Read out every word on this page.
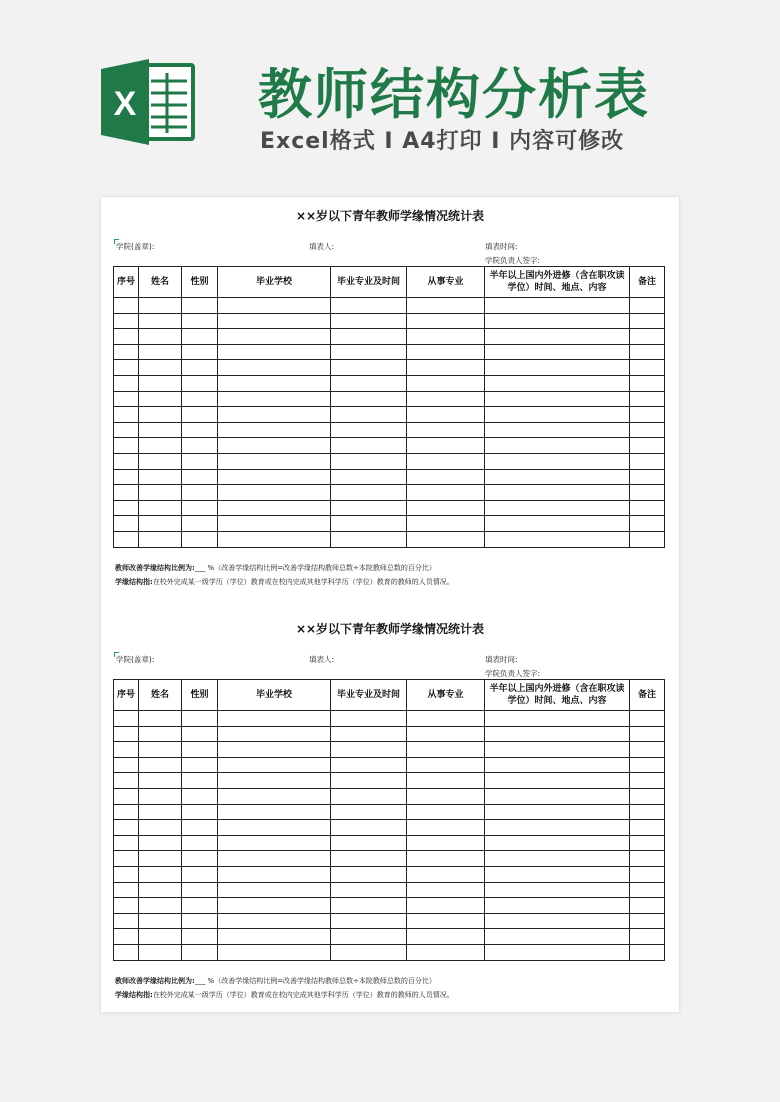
X 教师结构分析表
Excel格式 I A4打印 I 内容可修改
××岁以下青年教师学缘情况统计表
学院(盖章):	填表人:	填表时间:
学院负责人签字:
序号	姓名	性别	毕业学校	毕业专业及时间	从事专业	半年以上国内外进修（含在职攻读学位）时间、地点、内容	备注

教师改善学缘结构比例为:___ %（改善学缘结构比例=改善学缘结构教师总数÷本院教师总数的百分比）
学缘结构指:在校外完成某一级学历（学位）教育或在校内完成其他学科学历（学位）教育的教师的人员情况。
××岁以下青年教师学缘情况统计表
学院(盖章):	填表人:	填表时间:
学院负责人签字:
序号	姓名	性别	毕业学校	毕业专业及时间	从事专业	半年以上国内外进修（含在职攻读学位）时间、地点、内容	备注

教师改善学缘结构比例为:___ %（改善学缘结构比例=改善学缘结构教师总数÷本院教师总数的百分比）
学缘结构指:在校外完成某一级学历（学位）教育或在校内完成其他学科学历（学位）教育的教师的人员情况。
